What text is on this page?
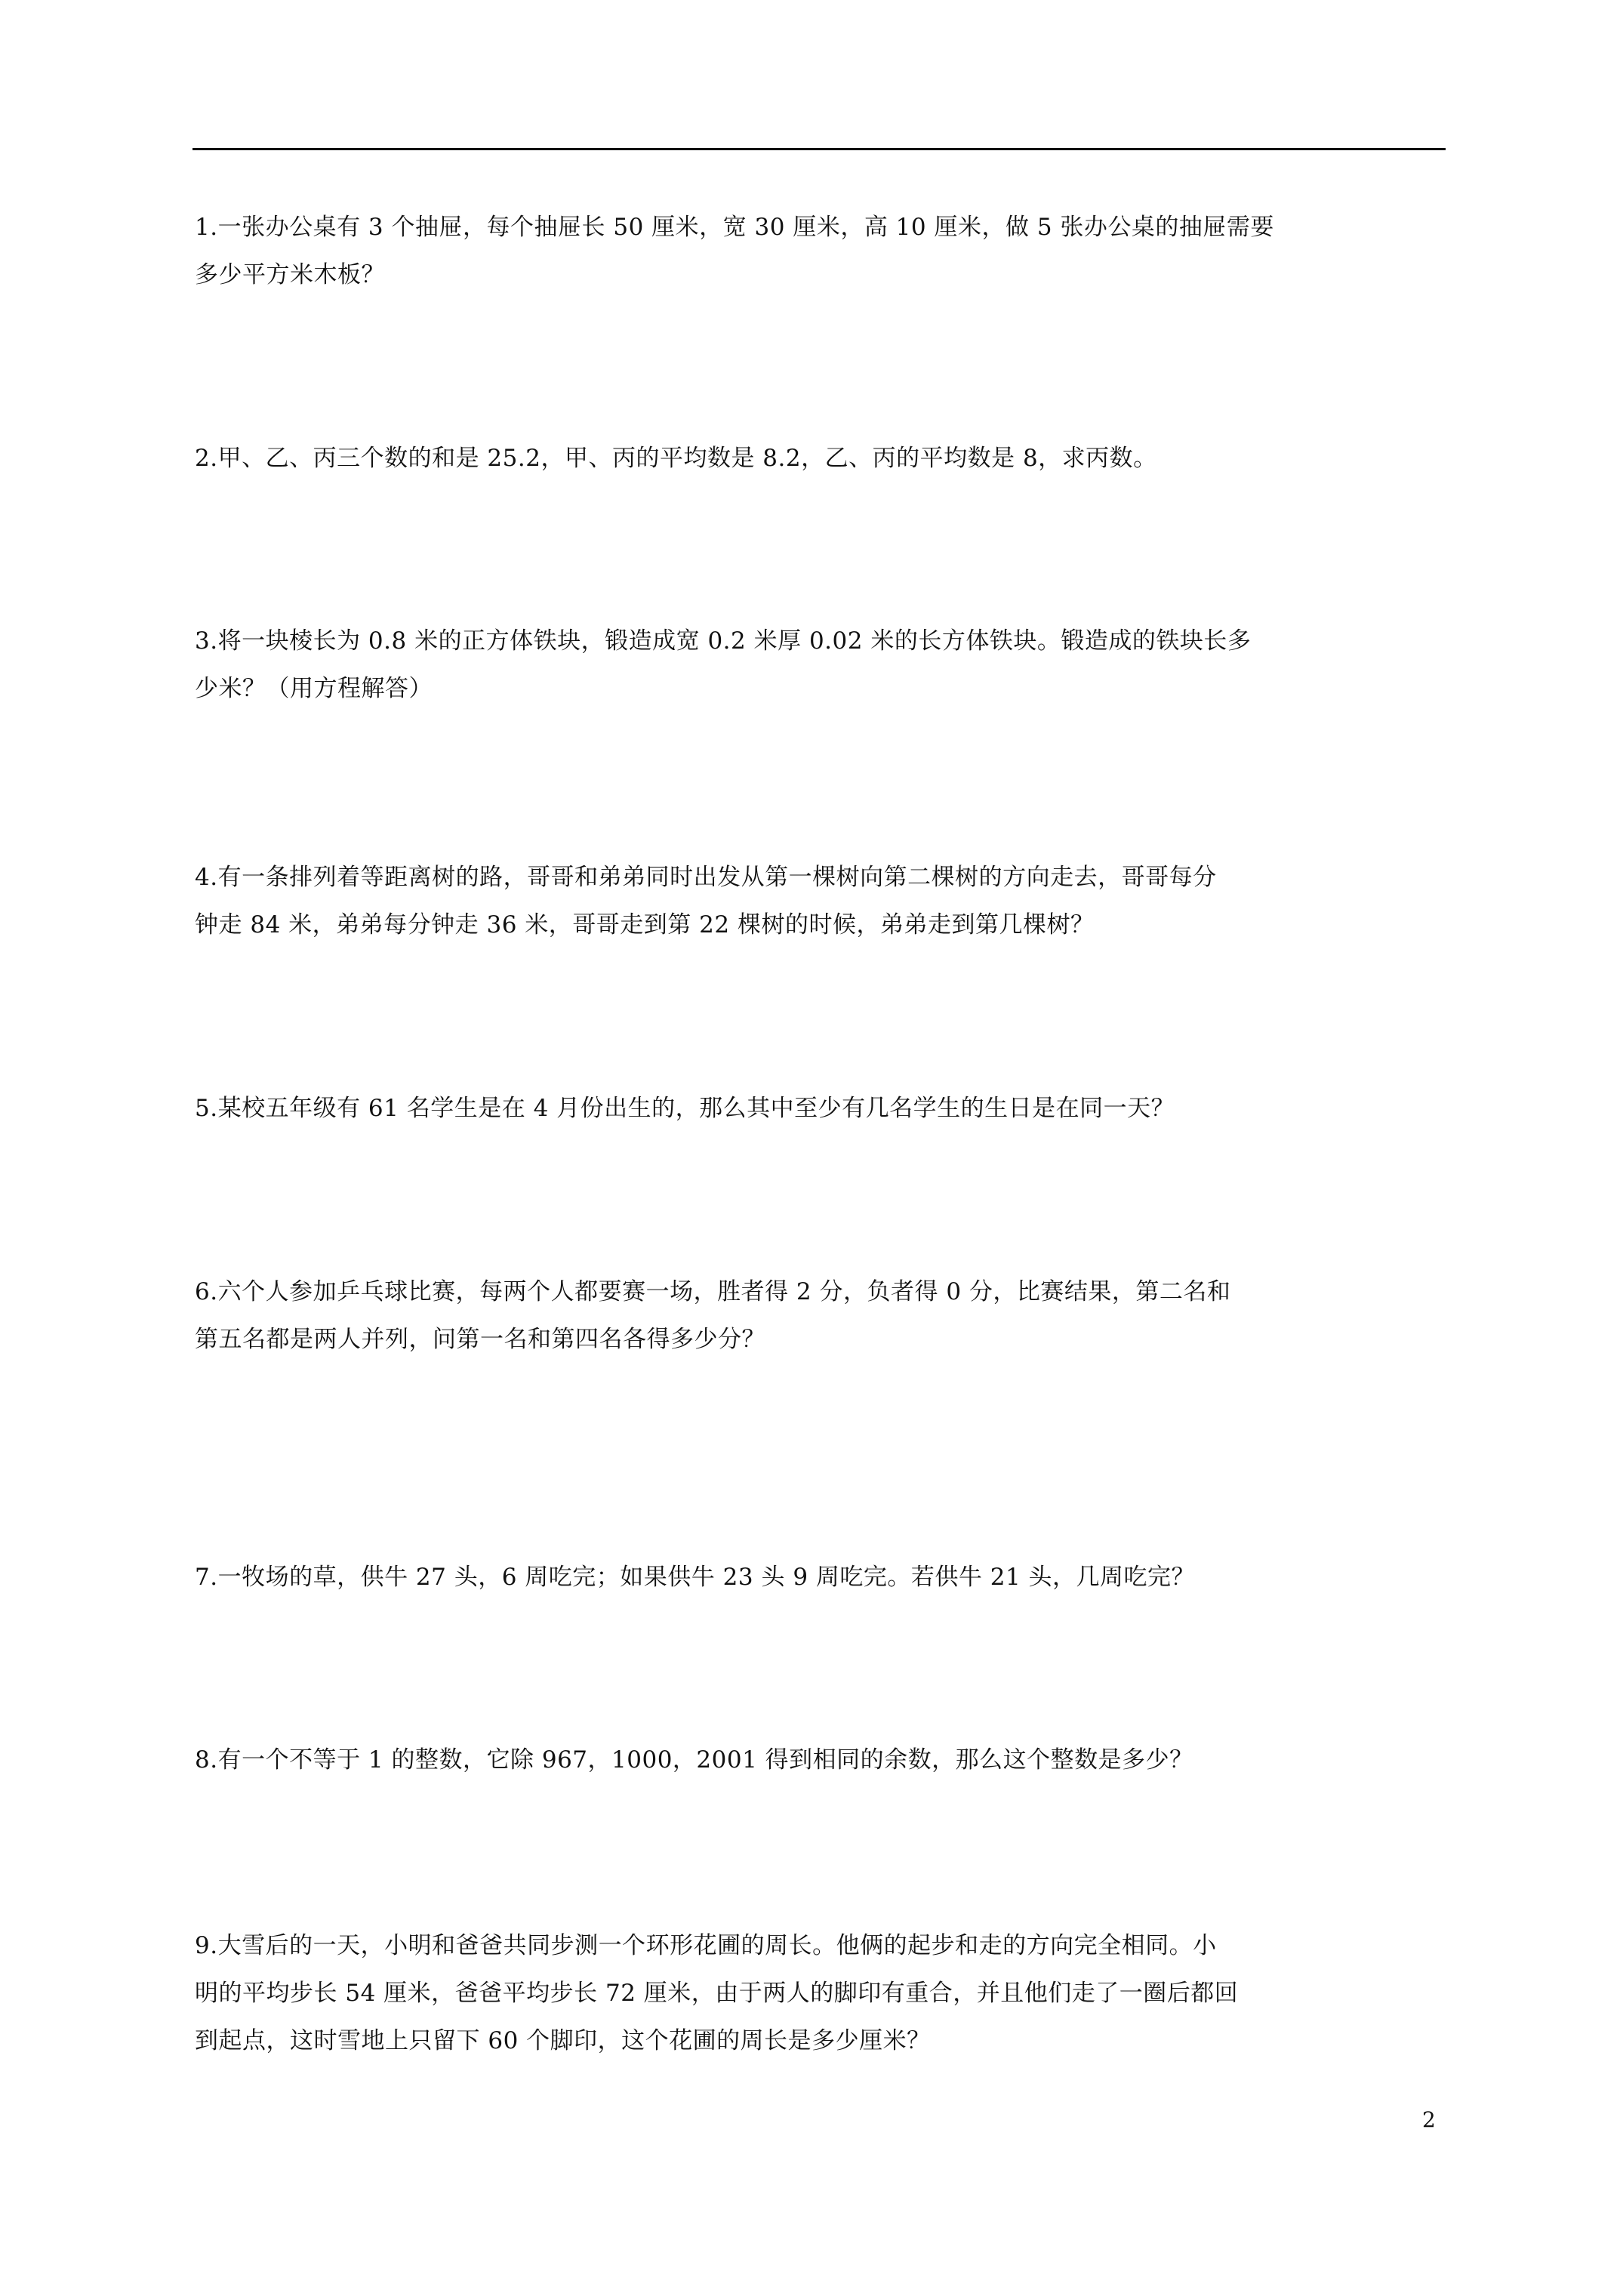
1.一张办公桌有 3 个抽屉，每个抽屉长 50 厘米，宽 30 厘米，高 10 厘米，做 5 张办公桌的抽屉需要
多少平方米木板？
2.甲、乙、丙三个数的和是 25.2，甲、丙的平均数是 8.2，乙、丙的平均数是 8，求丙数。
3.将一块棱长为 0.8 米的正方体铁块，锻造成宽 0.2 米厚 0.02 米的长方体铁块。锻造成的铁块长多
少米？（用方程解答）
4.有一条排列着等距离树的路，哥哥和弟弟同时出发从第一棵树向第二棵树的方向走去，哥哥每分
钟走 84 米，弟弟每分钟走 36 米，哥哥走到第 22 棵树的时候，弟弟走到第几棵树？
5.某校五年级有 61 名学生是在 4 月份出生的，那么其中至少有几名学生的生日是在同一天？
6.六个人参加乒乓球比赛，每两个人都要赛一场，胜者得 2 分，负者得 0 分，比赛结果，第二名和
第五名都是两人并列，问第一名和第四名各得多少分？
7.一牧场的草，供牛 27 头，6 周吃完；如果供牛 23 头 9 周吃完。若供牛 21 头，几周吃完？
8.有一个不等于 1 的整数，它除 967，1000，2001 得到相同的余数，那么这个整数是多少？
9.大雪后的一天，小明和爸爸共同步测一个环形花圃的周长。他俩的起步和走的方向完全相同。小
明的平均步长 54 厘米，爸爸平均步长 72 厘米，由于两人的脚印有重合，并且他们走了一圈后都回
到起点，这时雪地上只留下 60 个脚印，这个花圃的周长是多少厘米？
2
